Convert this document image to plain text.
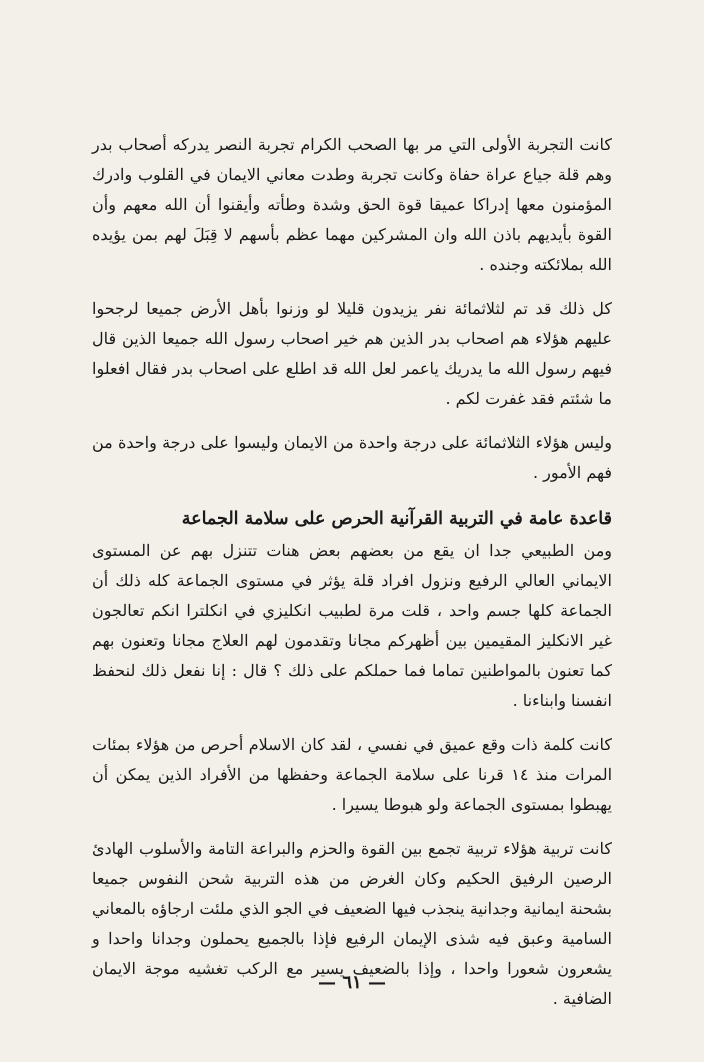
كانت التجربة الأولى التي مر بها الصحب الكرام تجربة النصر يدركه أصحاب بدر وهم قلة جياع عراة حفاة وكانت تجربة وطدت معاني الايمان في القلوب وادرك المؤمنون معها إدراكا عميقا قوة الحق وشدة وطأته وأيقنوا أن الله معهم وأن القوة بأيديهم باذن الله وان المشركين مهما عظم بأسهم لا قِبَلَ لهم بمن يؤيده الله بملائكته وجنده .

كل ذلك قد تم لثلاثمائة نفر يزيدون قليلا لو وزنوا بأهل الأرض جميعا لرجحوا عليهم هؤلاء هم اصحاب بدر الذين هم خير اصحاب رسول الله جميعا الذين قال فيهم رسول الله ما يدريك ياعمر لعل الله قد اطلع على اصحاب بدر فقال افعلوا ما شئتم فقد غفرت لكم .

وليس هؤلاء الثلاثمائة على درجة واحدة من الايمان وليسوا على درجة واحدة من فهم الأمور .

قاعدة عامة في التربية القرآنية الحرص على سلامة الجماعة

ومن الطبيعي جدا ان يقع من بعضهم بعض هنات تتنزل بهم عن المستوى الايماني العالي الرفيع ونزول افراد قلة يؤثر في مستوى الجماعة كله ذلك أن الجماعة كلها جسم واحد ، قلت مرة لطبيب انكليزي في انكلترا انكم تعالجون غير الانكليز المقيمين بين أظهركم مجانا وتقدمون لهم العلاج مجانا وتعنون بهم كما تعنون بالمواطنين تماما فما حملكم على ذلك ؟ قال : إنا نفعل ذلك لنحفظ انفسنا وابناءنا .

كانت كلمة ذات وقع عميق في نفسي ، لقد كان الاسلام أحرص من هؤلاء بمئات المرات منذ ١٤ قرنا على سلامة الجماعة وحفظها من الأفراد الذين يمكن أن يهبطوا بمستوى الجماعة ولو هبوطا يسيرا .

كانت تربية هؤلاء تربية تجمع بين القوة والحزم والبراعة التامة والأسلوب الهادئ الرصين الرفيق الحكيم وكان الغرض من هذه التربية شحن النفوس جميعا بشحنة ايمانية وجدانية ينجذب فيها الضعيف في الجو الذي ملئت ارجاؤه بالمعاني السامية وعبق فيه شذى الإيمان الرفيع فإذا بالجميع يحملون وجدانا واحدا و يشعرون شعورا واحدا ، وإذا بالضعيف يسير مع الركب تغشيه موجة الايمان الضافية .

— ٦١ —
